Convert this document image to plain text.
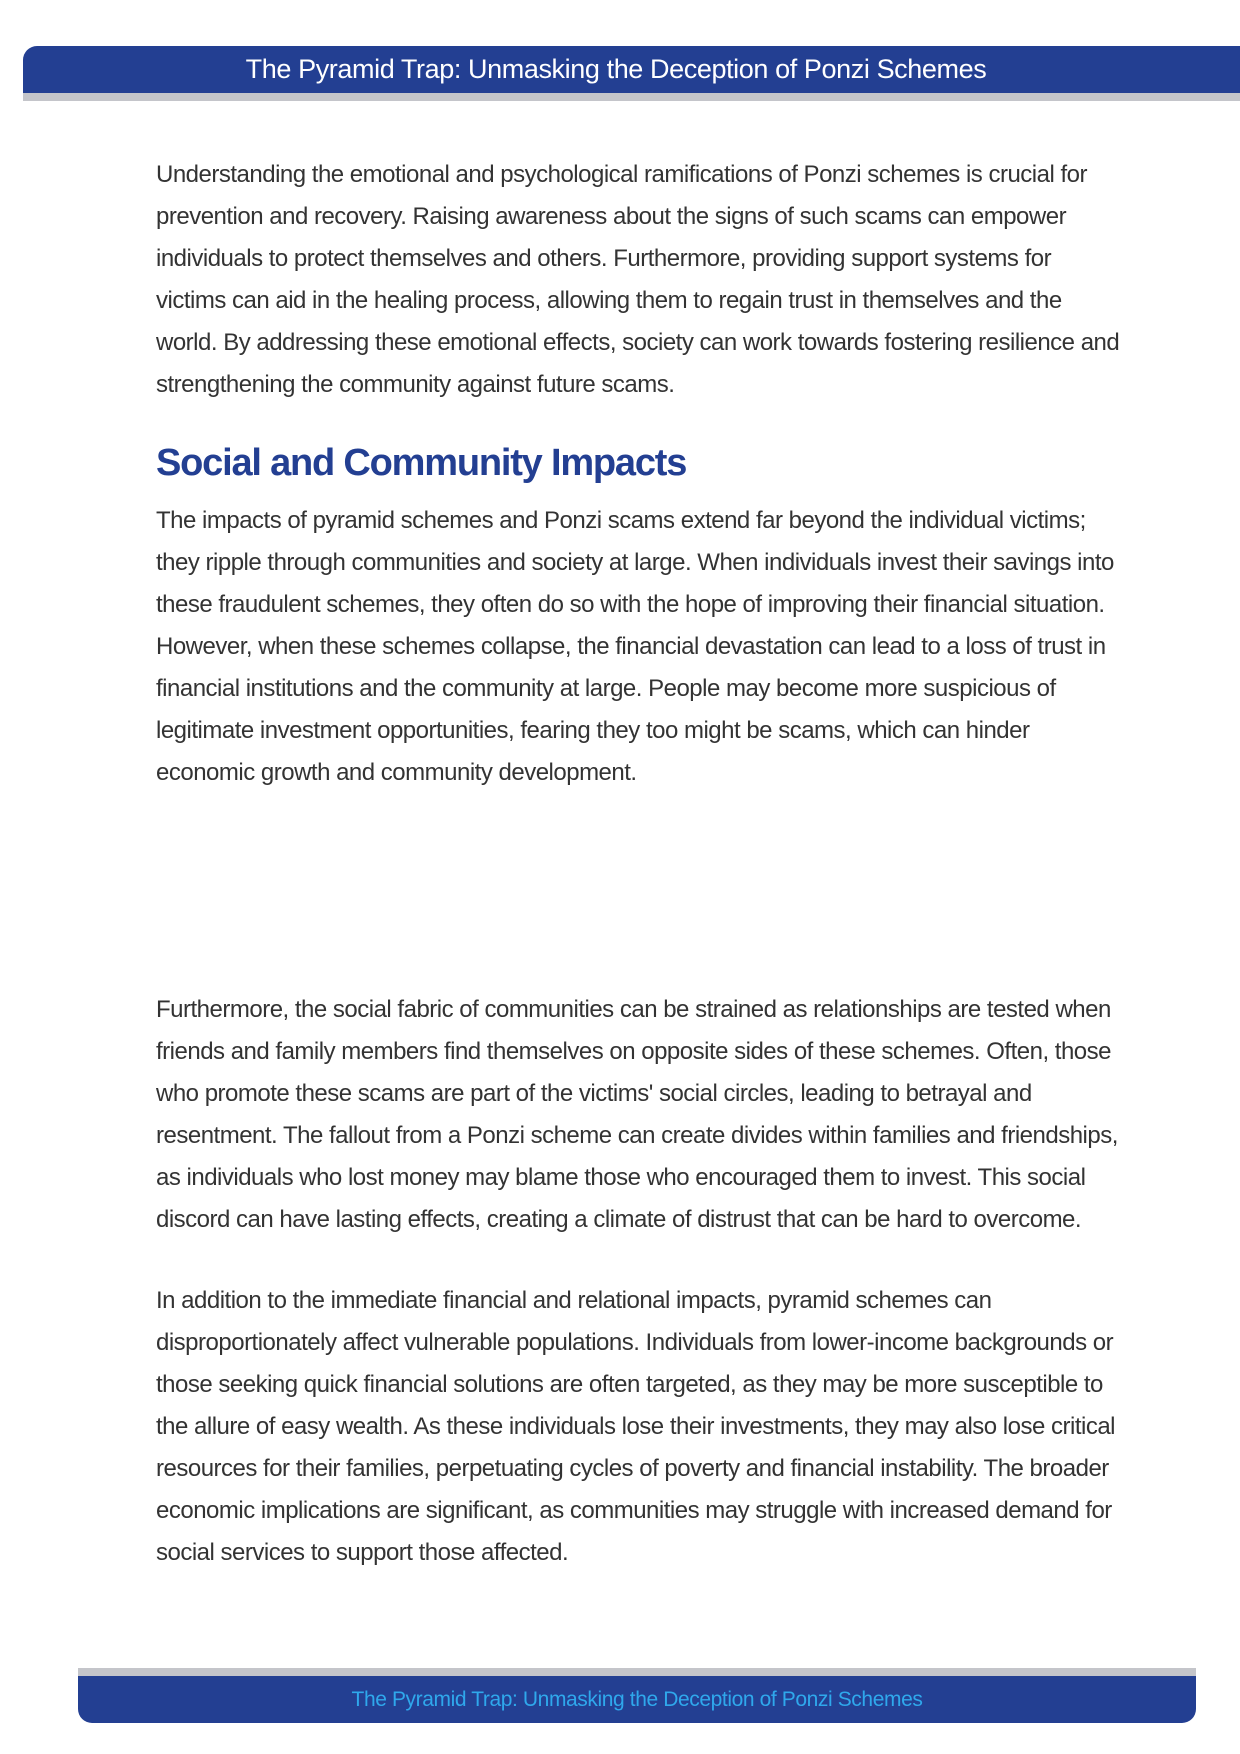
The Pyramid Trap: Unmasking the Deception of Ponzi Schemes

Understanding the emotional and psychological ramifications of Ponzi schemes is crucial for
prevention and recovery. Raising awareness about the signs of such scams can empower
individuals to protect themselves and others. Furthermore, providing support systems for
victims can aid in the healing process, allowing them to regain trust in themselves and the
world. By addressing these emotional effects, society can work towards fostering resilience and
strengthening the community against future scams.

Social and Community Impacts

The impacts of pyramid schemes and Ponzi scams extend far beyond the individual victims;
they ripple through communities and society at large. When individuals invest their savings into
these fraudulent schemes, they often do so with the hope of improving their financial situation.
However, when these schemes collapse, the financial devastation can lead to a loss of trust in
financial institutions and the community at large. People may become more suspicious of
legitimate investment opportunities, fearing they too might be scams, which can hinder
economic growth and community development.

Furthermore, the social fabric of communities can be strained as relationships are tested when
friends and family members find themselves on opposite sides of these schemes. Often, those
who promote these scams are part of the victims' social circles, leading to betrayal and
resentment. The fallout from a Ponzi scheme can create divides within families and friendships,
as individuals who lost money may blame those who encouraged them to invest. This social
discord can have lasting effects, creating a climate of distrust that can be hard to overcome.

In addition to the immediate financial and relational impacts, pyramid schemes can
disproportionately affect vulnerable populations. Individuals from lower-income backgrounds or
those seeking quick financial solutions are often targeted, as they may be more susceptible to
the allure of easy wealth. As these individuals lose their investments, they may also lose critical
resources for their families, perpetuating cycles of poverty and financial instability. The broader
economic implications are significant, as communities may struggle with increased demand for
social services to support those affected.

The Pyramid Trap: Unmasking the Deception of Ponzi Schemes
